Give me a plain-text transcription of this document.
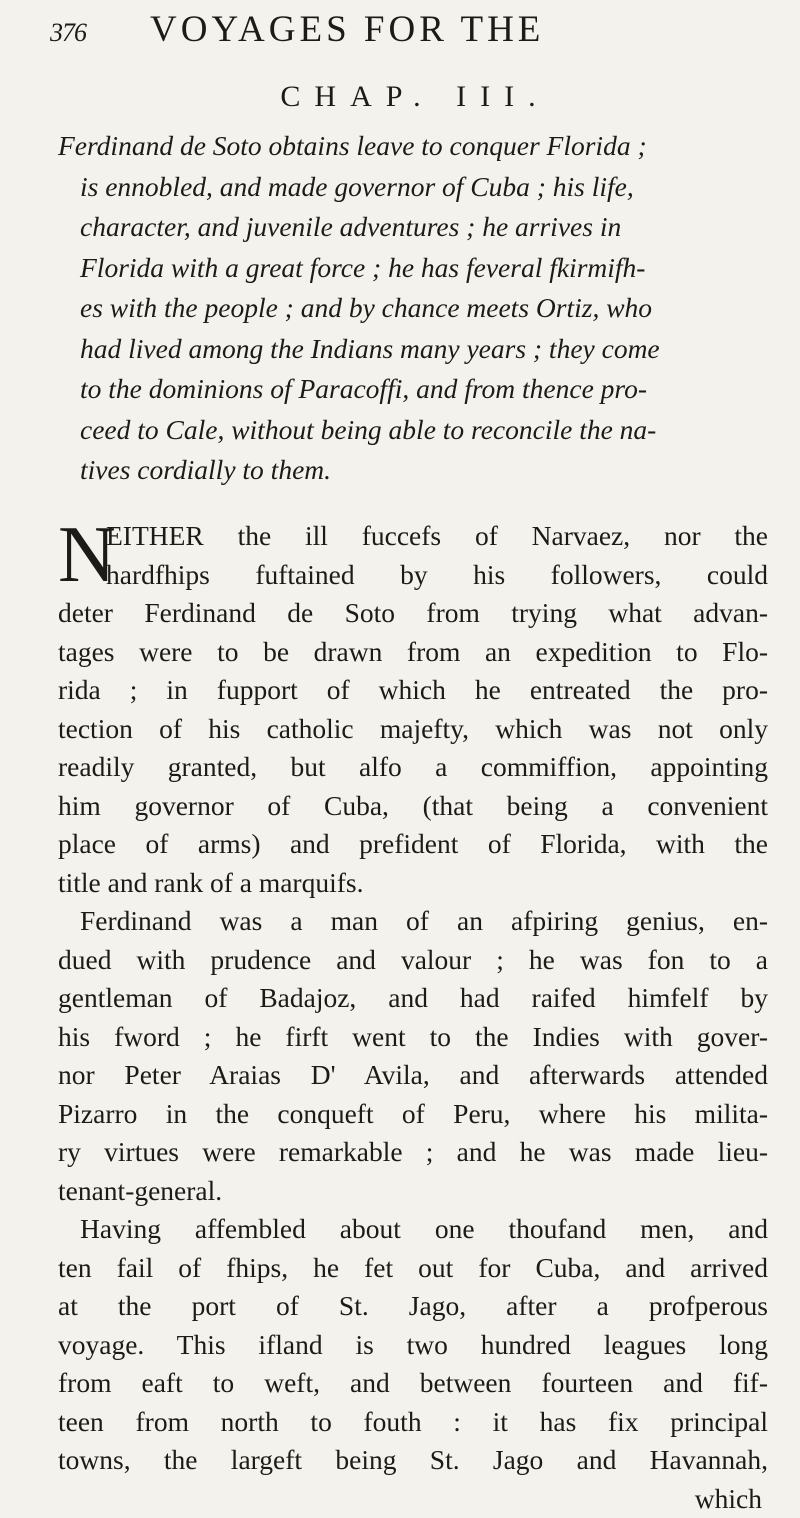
376 VOYAGES FOR THE
CHAP. III.
Ferdinand de Soto obtains leave to conquer Florida ;
is ennobled, and made governor of Cuba ; his life,
character, and juvenile adventures ; he arrives in
Florida with a great force ; he has feveral fkirmifh-
es with the people ; and by chance meets Ortiz, who
had lived among the Indians many years ; they come
to the dominions of Paracoffi, and from thence pro-
ceed to Cale, without being able to reconcile the na-
tives cordially to them.
N
EITHER the ill fuccefs of Narvaez, nor the
hardfhips fuftained by his followers, could
deter Ferdinand de Soto from trying what advan-
tages were to be drawn from an expedition to Flo-
rida ; in fupport of which he entreated the pro-
tection of his catholic majefty, which was not only
readily granted, but alfo a commiffion, appointing
him governor of Cuba, (that being a convenient
place of arms) and prefident of Florida, with the
title and rank of a marquifs.
Ferdinand was a man of an afpiring genius, en-
dued with prudence and valour ; he was fon to a
gentleman of Badajoz, and had raifed himfelf by
his fword ; he firft went to the Indies with gover-
nor Peter Araias D' Avila, and afterwards attended
Pizarro in the conqueft of Peru, where his milita-
ry virtues were remarkable ; and he was made lieu-
tenant-general.
Having affembled about one thoufand men, and
ten fail of fhips, he fet out for Cuba, and arrived
at the port of St. Jago, after a profperous
voyage. This ifland is two hundred leagues long
from eaft to weft, and between fourteen and fif-
teen from north to fouth : it has fix principal
towns, the largeft being St. Jago and Havannah,
which
